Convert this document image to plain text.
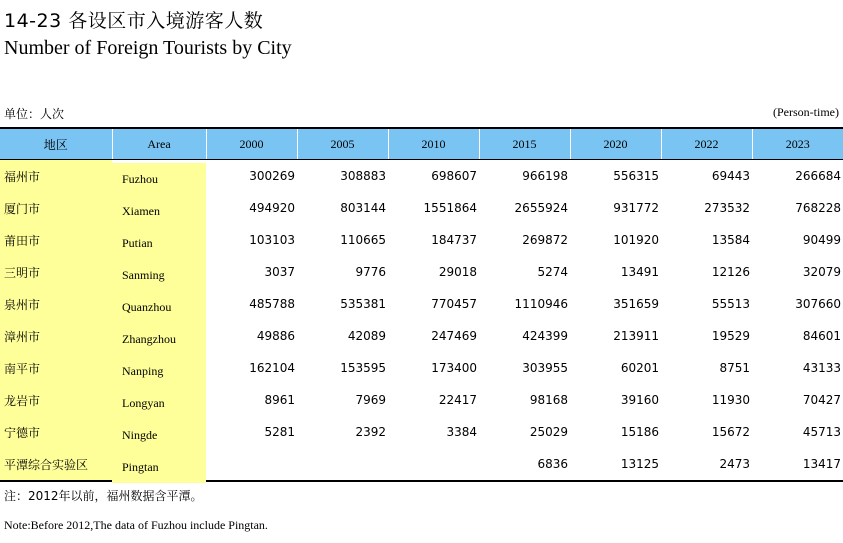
14-23 各设区市入境游客人数
Number of Foreign Tourists by City
单位：人次	(Person-time)
地区	Area	2000	2005	2010	2015	2020	2022	2023
福州市	Fuzhou	300269	308883	698607	966198	556315	69443	266684
厦门市	Xiamen	494920	803144	1551864	2655924	931772	273532	768228
莆田市	Putian	103103	110665	184737	269872	101920	13584	90499
三明市	Sanming	3037	9776	29018	5274	13491	12126	32079
泉州市	Quanzhou	485788	535381	770457	1110946	351659	55513	307660
漳州市	Zhangzhou	49886	42089	247469	424399	213911	19529	84601
南平市	Nanping	162104	153595	173400	303955	60201	8751	43133
龙岩市	Longyan	8961	7969	22417	98168	39160	11930	70427
宁德市	Ningde	5281	2392	3384	25029	15186	15672	45713
平潭综合实验区	Pingtan				6836	13125	2473	13417
注：2012年以前，福州数据含平潭。
Note:Before 2012,The data of Fuzhou include Pingtan.
